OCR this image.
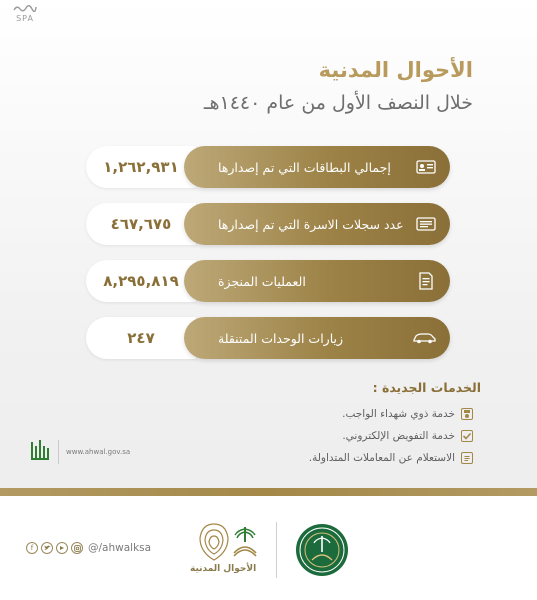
SPA
الأحوال المدنية
خلال النصف الأول من عام ١٤٤٠هـ
١,٢٦٢,٩٣١	إجمالي البطاقات التي تم إصدارها
٤٦٧,٦٧٥	عدد سجلات الاسرة التي تم إصدارها
٨,٢٩٥,٨١٩	العمليات المنجزة
٢٤٧	زيارات الوحدات المتنقلة
الخدمات الجديدة :
خدمة ذوي شهداء الواجب.
خدمة التفويض الإلكتروني.
الاستعلام عن المعاملات المتداولة.
www.ahwal.gov.sa
f	@/ahwalksa
الأحوال المدنية
